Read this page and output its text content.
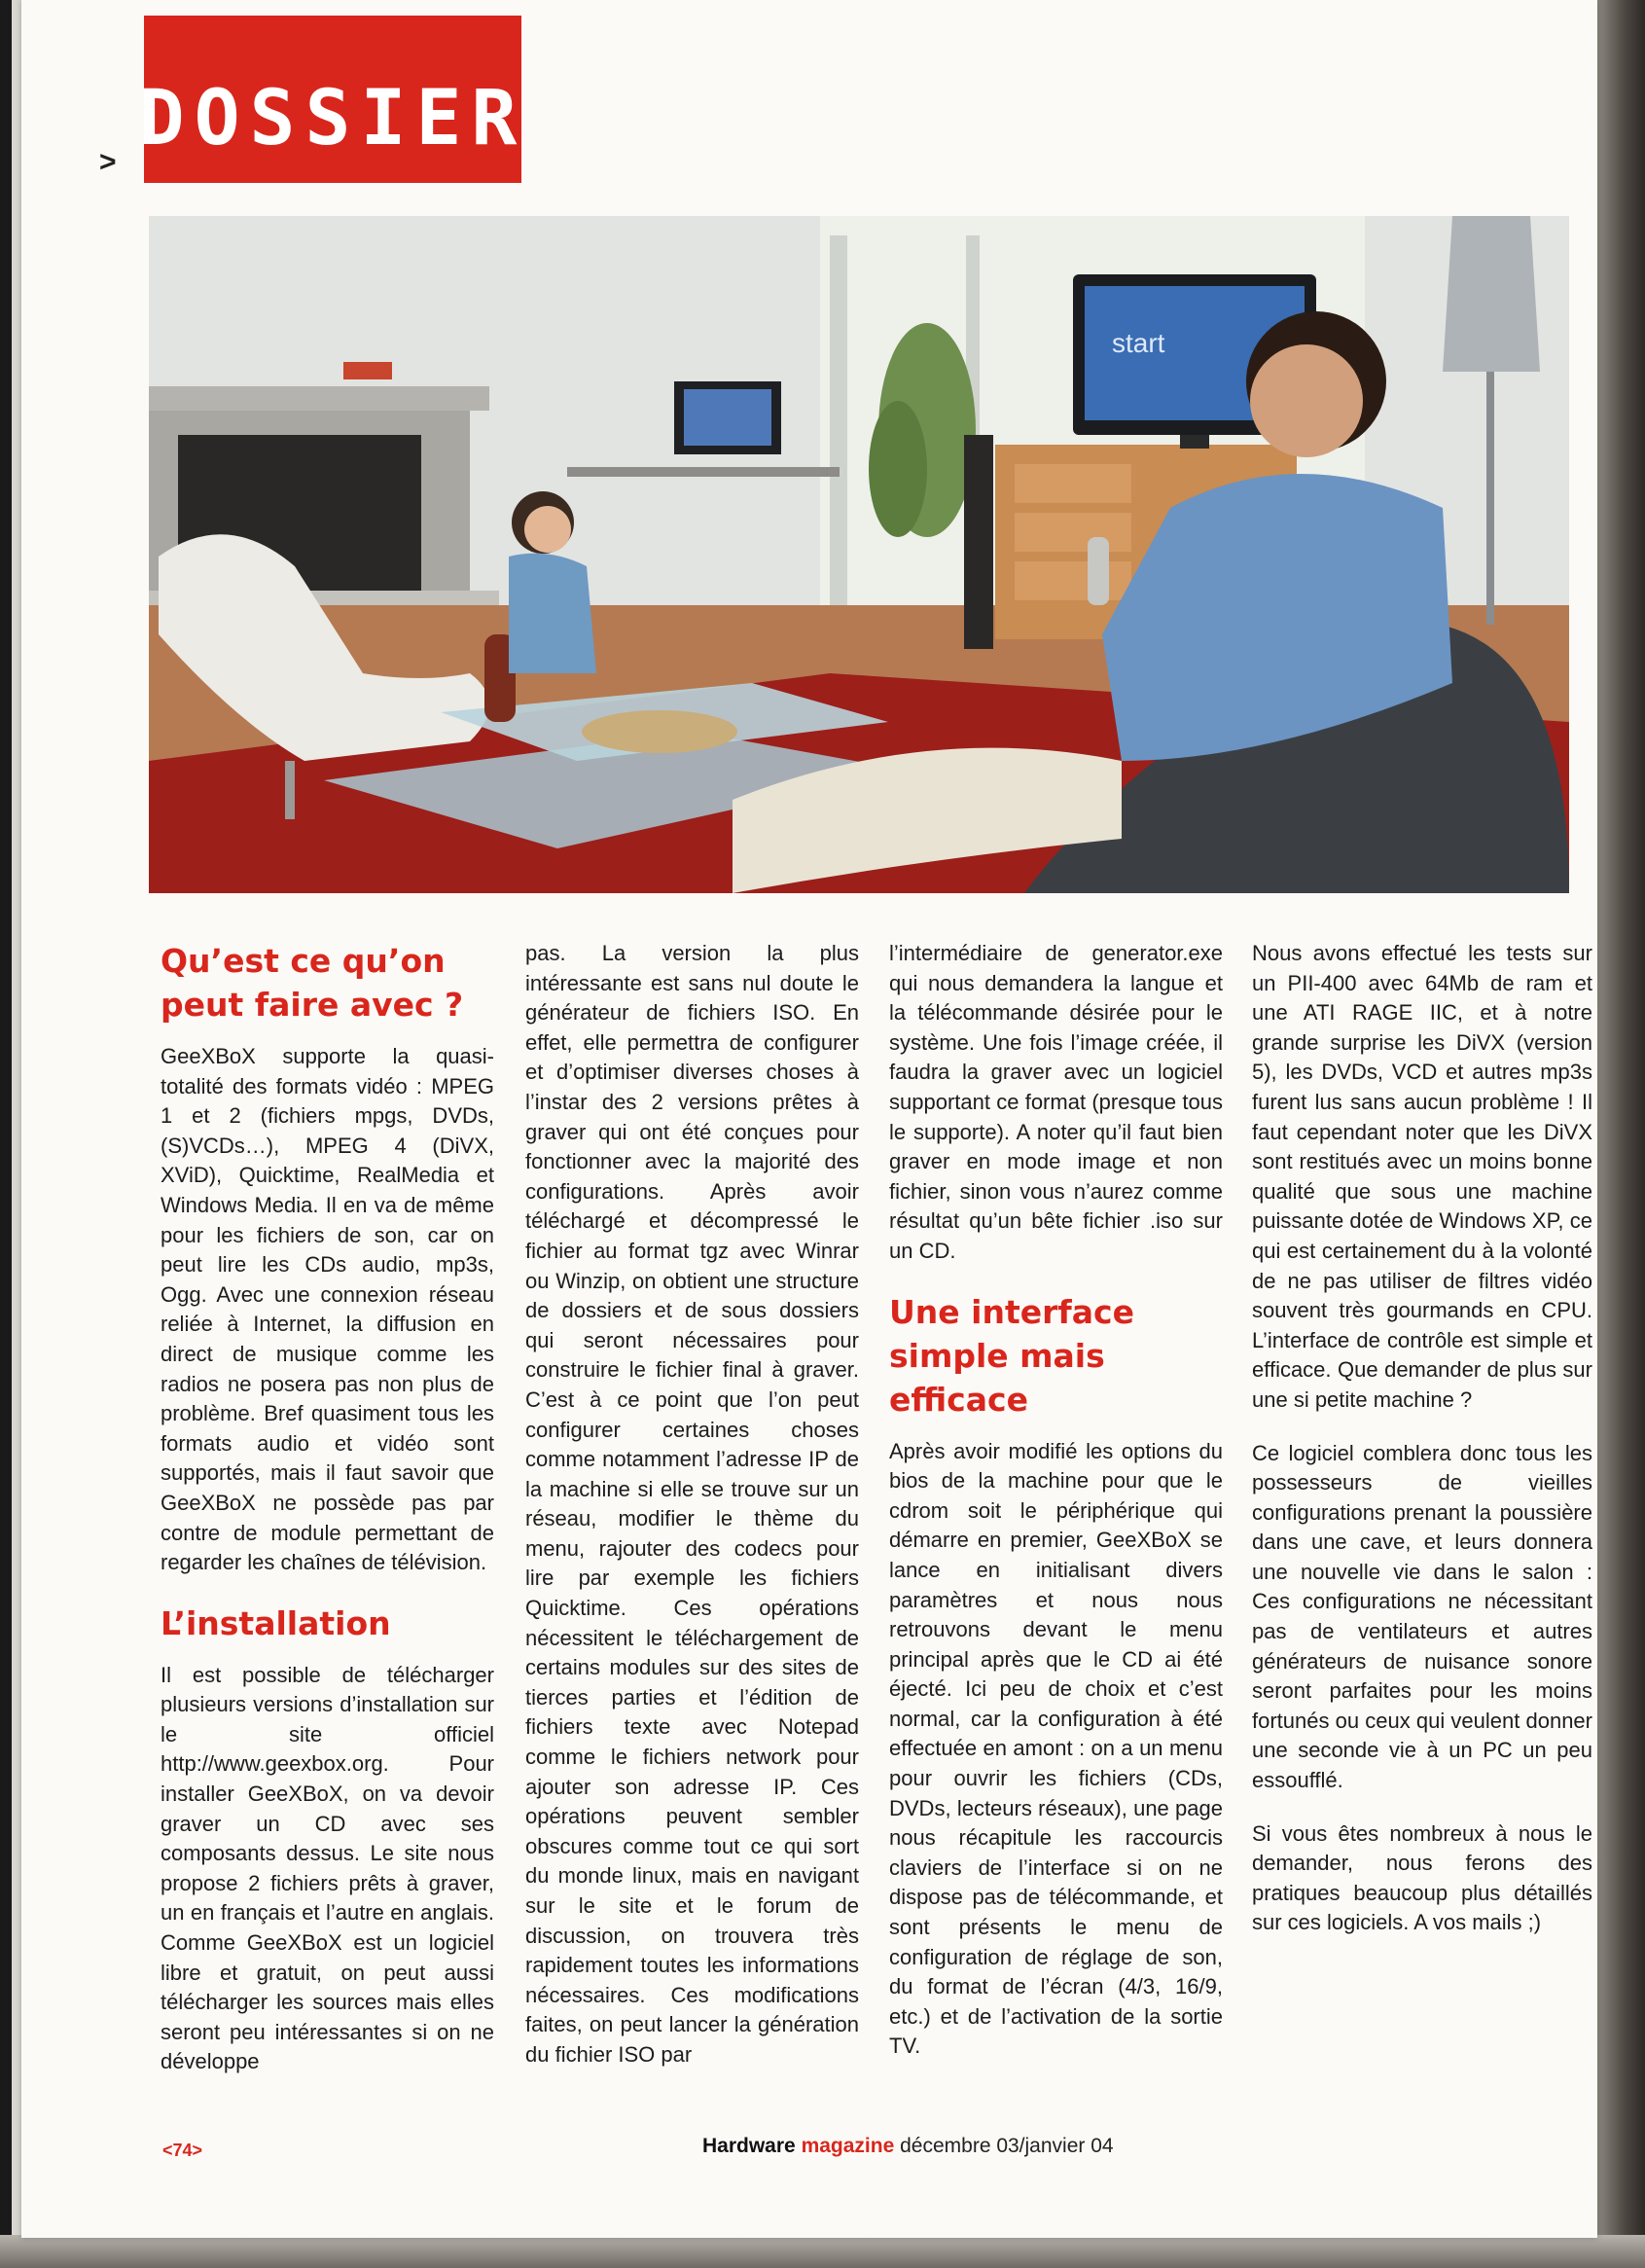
> DOSSIER
start
Qu’est ce qu’on peut faire avec ?

GeeXBoX supporte la quasi-totalité des formats vidéo : MPEG 1 et 2 (fichiers mpgs, DVDs, (S)VCDs…), MPEG 4 (DiVX, XViD), Quicktime, RealMedia et Windows Media. Il en va de même pour les fichiers de son, car on peut lire les CDs audio, mp3s, Ogg. Avec une connexion réseau reliée à Internet, la diffusion en direct de musique comme les radios ne posera pas non plus de problème. Bref quasiment tous les formats audio et vidéo sont supportés, mais il faut savoir que GeeXBoX ne possède pas par contre de module permettant de regarder les chaînes de télévision.

L’installation

Il est possible de télécharger plusieurs versions d’installation sur le site officiel http://www.geexbox.org. Pour installer GeeXBoX, on va devoir graver un CD avec ses composants dessus. Le site nous propose 2 fichiers prêts à graver, un en français et l’autre en anglais. Comme GeeXBoX est un logiciel libre et gratuit, on peut aussi télécharger les sources mais elles seront peu intéressantes si on ne développe

pas. La version la plus intéressante est sans nul doute le générateur de fichiers ISO. En effet, elle permettra de configurer et d’optimiser diverses choses à l’instar des 2 versions prêtes à graver qui ont été conçues pour fonctionner avec la majorité des configurations. Après avoir téléchargé et décompressé le fichier au format tgz avec Winrar ou Winzip, on obtient une structure de dossiers et de sous dossiers qui seront nécessaires pour construire le fichier final à graver. C’est à ce point que l’on peut configurer certaines choses comme notamment l’adresse IP de la machine si elle se trouve sur un réseau, modifier le thème du menu, rajouter des codecs pour lire par exemple les fichiers Quicktime. Ces opérations nécessitent le téléchargement de certains modules sur des sites de tierces parties et l’édition de fichiers texte avec Notepad comme le fichiers network pour ajouter son adresse IP. Ces opérations peuvent sembler obscures comme tout ce qui sort du monde linux, mais en navigant sur le site et le forum de discussion, on trouvera très rapidement toutes les informations nécessaires. Ces modifications faites, on peut lancer la génération du fichier ISO par

l’intermédiaire de generator.exe qui nous demandera la langue et la télécommande désirée pour le système. Une fois l’image créée, il faudra la graver avec un logiciel supportant ce format (presque tous le supporte). A noter qu’il faut bien graver en mode image et non fichier, sinon vous n’aurez comme résultat qu’un bête fichier .iso sur un CD.

Une interface simple mais efficace

Après avoir modifié les options du bios de la machine pour que le cdrom soit le périphérique qui démarre en premier, GeeXBoX se lance en initialisant divers paramètres et nous nous retrouvons devant le menu principal après que le CD ai été éjecté. Ici peu de choix et c’est normal, car la configuration à été effectuée en amont : on a un menu pour ouvrir les fichiers (CDs, DVDs, lecteurs réseaux), une page nous récapitule les raccourcis claviers de l’interface si on ne dispose pas de télécommande, et sont présents le menu de configuration de réglage de son, du format de l’écran (4/3, 16/9, etc.) et de l’activation de la sortie TV.

Nous avons effectué les tests sur un PII-400 avec 64Mb de ram et une ATI RAGE IIC, et à notre grande surprise les DiVX (version 5), les DVDs, VCD et autres mp3s furent lus sans aucun problème ! Il faut cependant noter que les DiVX sont restitués avec un moins bonne qualité que sous une machine puissante dotée de Windows XP, ce qui est certainement du à la volonté de ne pas utiliser de filtres vidéo souvent très gourmands en CPU. L’interface de contrôle est simple et efficace. Que demander de plus sur une si petite machine ?

Ce logiciel comblera donc tous les possesseurs de vieilles configurations prenant la poussière dans une cave, et leurs donnera une nouvelle vie dans le salon : Ces configurations ne nécessitant pas de ventilateurs et autres générateurs de nuisance sonore seront parfaites pour les moins fortunés ou ceux qui veulent donner une seconde vie à un PC un peu essoufflé.

Si vous êtes nombreux à nous le demander, nous ferons des pratiques beaucoup plus détaillés sur ces logiciels. A vos mails ;)

<74>	Hardware magazine décembre 03/janvier 04
